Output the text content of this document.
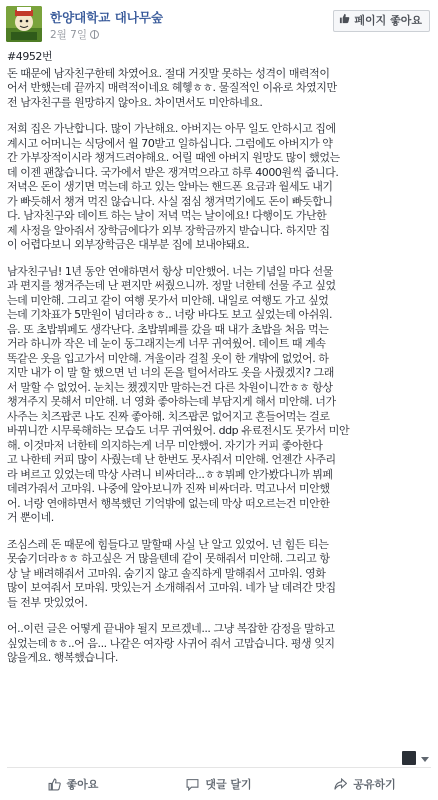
한양대학교 대나무숲
2월 7일
페이지 좋아요
#4952번
돈 때문에 남자친구한테 차였어요. 절대 거짓말 못하는 성격이 매력적이
어서 반했는데 끝까지 매력적이네요 헤헿ㅎㅎ. 물질적인 이유로 차였지만
전 남자친구를 원망하지 않아요. 차이면서도 미안하네요.
저희 집은 가난합니다. 많이 가난해요. 아버지는 아무 일도 안하시고 집에
계시고 어머니는 식당에서 월 70받고 일하십니다. 그럼에도 아버지가 약
간 가부장적이시라 챙겨드려야해요. 어릴 때엔 아버지 원망도 많이 했었는
데 이젠 괜찮습니다. 국가에서 받은 쟁겨먹으라고 하루 4000원씩 줍니다.
저녁은 돈이 생기면 먹는데 하고 있는 알바는 핸드폰 요금과 월세도 내기
가 빠듯해서 챙겨 먹진 않습니다. 사실 점심 챙겨먹기에도 돈이 빠듯합니
다. 남자친구와 데이트 하는 날이 저녁 먹는 날이에요! 다행이도 가난한
제 사정을 알아줘서 장학금에다가 외부 장학금까지 받습니다. 하지만 집
이 어렵다보니 외부장학금은 대부분 집에 보내야돼요.
남자친구님! 1년 동안 연애하면서 항상 미안했어. 너는 기념일 마다 선물
과 편지를 챙겨주는데 난 편지만 써줬으니까. 정말 너한테 선물 주고 싶었
는데 미안해. 그리고 같이 여행 못가서 미안해. 내일로 여행도 가고 싶었
는데 기차표가 5만원이 넘더라ㅎㅎ.. 너랑 바다도 보고 싶었는데 아쉬워.
음. 또 초밥뷔페도 생각난다. 초밥뷔페를 갔을 때 내가 초밥을 처음 먹는
거라 하니까 작은 네 눈이 동그래지는게 너무 귀여웠어. 데이트 때 계속
똑같은 옷을 입고가서 미안해. 겨울이라 걸칠 옷이 한 개밖에 없었어. 하
지만 내가 이 말 할 했으면 넌 너의 돈을 털어서라도 옷을 사줬겠지? 그래
서 말할 수 없었어. 눈치는 챘겠지만 말하는건 다른 차원이니깐ㅎㅎ 항상
챙겨주지 못해서 미안해. 너 영화 좋아하는데 부담지게 해서 미안해. 너가
사주는 치즈팝콘 나도 진짜 좋아해. 치즈팝콘 없어지고 흔들어먹는 걸로
바뀌니깐 시무룩해하는 모습도 너무 귀여웠어. ddp 유료전시도 못가서 미안
해. 이것마저 너한테 의지하는게 너무 미안했어. 자기가 커피 좋아한다
고 나한테 커피 많이 사줬는데 난 한번도 못사줘서 미안해. 언젠간 사주리
라 벼르고 있었는데 막상 사려니 비싸더라...ㅎㅎ뷔페 안가봤다니까 뷔페
데려가줘서 고마워. 나중에 알아보니까 진짜 비싸더라. 먹고나서 미안했
어. 너랑 연애하면서 행복했던 기억밖에 없는데 막상 떠오르는건 미안한
거 뿐이네.
조심스레 돈 때문에 힘들다고 말할때 사실 난 알고 있었어. 넌 힘든 티는
못숨기더라ㅎㅎ 하고싶은 거 많을텐데 같이 못해줘서 미안해. 그리고 항
상 날 배려해줘서 고마워. 숨기지 않고 솔직하게 말해줘서 고마워. 영화
많이 보여줘서 모마워. 맛있는거 소개해줘서 고마워. 네가 날 데려간 맛집
들 전부 맛있었어.
어..이런 글은 어떻게 끝내야 될지 모르겠네... 그냥 복잡한 감정을 말하고
싶었는데ㅎㅎ..어 음... 나같은 여자랑 사귀어 줘서 고맙습니다. 평생 잊지
않을게요. 행복했습니다.
좋아요	댓글 달기	공유하기
